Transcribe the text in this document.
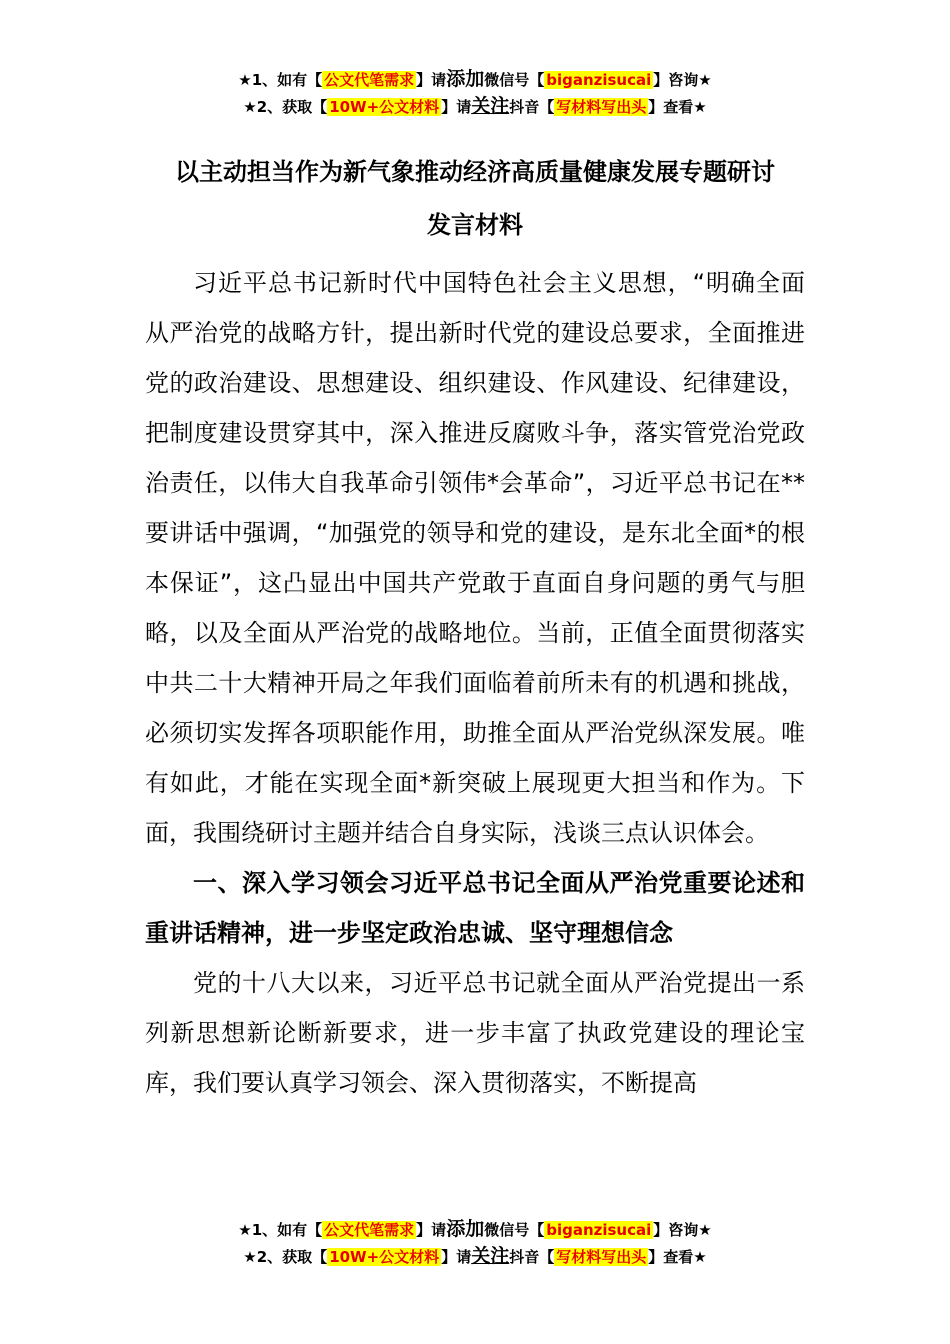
★1、如有【 公文代笔需求 】请添加微信号【 biganzisucai 】咨询★
★2、获取【 10W+公文材料 】请关注抖音【 写材料写出头 】查看★
以主动担当作为新气象推动经济高质量健康发展专题研讨
发言材料

习近平总书记新时代中国特色社会主义思想，“明确全面从严治党的战略方针，提出新时代党的建设总要求，全面推进党的政治建设、思想建设、组织建设、作风建设、纪律建设，把制度建设贯穿其中，深入推进反腐败斗争，落实管党治党政治责任，以伟大自我革命引领伟*会革命”，习近平总书记在**要讲话中强调，“加强党的领导和党的建设，是东北全面*的根本保证”，这凸显出中国共产党敢于直面自身问题的勇气与胆略，以及全面从严治党的战略地位。当前，正值全面贯彻落实中共二十大精神开局之年我们面临着前所未有的机遇和挑战，必须切实发挥各项职能作用，助推全面从严治党纵深发展。唯有如此，才能在实现全面*新突破上展现更大担当和作为。下面，我围绕研讨主题并结合自身实际，浅谈三点认识体会。

一、深入学习领会习近平总书记全面从严治党重要论述和重讲话精神，进一步坚定政治忠诚、坚守理想信念

党的十八大以来，习近平总书记就全面从严治党提出一系列新思想新论断新要求，进一步丰富了执政党建设的理论宝库，我们要认真学习领会、深入贯彻落实，不断提高

★1、如有【 公文代笔需求 】请添加微信号【 biganzisucai 】咨询★
★2、获取【 10W+公文材料 】请关注抖音【 写材料写出头 】查看★
